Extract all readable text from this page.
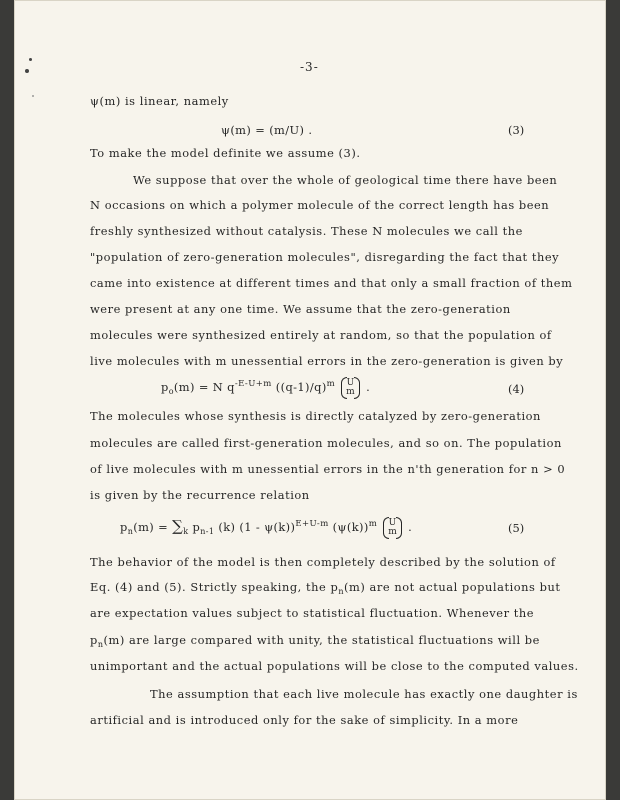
-3-
ψ(m) is linear, namely
ψ(m) = (m/U) .	(3)
To make the model definite we assume (3).
We suppose that over the whole of geological time there have been
N occasions on which a polymer molecule of the correct length has been
freshly synthesized without catalysis. These N molecules we call the
"population of zero-generation molecules", disregarding the fact that they
came into existence at different times and that only a small fraction of them
were present at any one time. We assume that the zero-generation
molecules were synthesized entirely at random, so that the population of
live molecules with m unessential errors in the zero-generation is given by
$p_o(m) = N$ $q^{-E-U+m}$ $((q-1)/q)^m$ U
m .	(4)
The molecules whose synthesis is directly catalyzed by zero-generation
molecules are called first-generation molecules, and so on. The population
of live molecules with m unessential errors in the n'th generation for n > 0
is given by the recurrence relation
$p_n(m) = \sum_k$ $p_{n-1}$ (k) (1 - ψ(k))$^{E+U-m}$ $(\psi(k))^m$ U
m .	(5)
The behavior of the model is then completely described by the solution of
Eq. (4) and (5). Strictly speaking, the $p_n(m)$ are not actual populations but
are expectation values subject to statistical fluctuation. Whenever the
$p_n(m)$ are large compared with unity, the statistical fluctuations will be
unimportant and the actual populations will be close to the computed values.
The assumption that each live molecule has exactly one daughter is
artificial and is introduced only for the sake of simplicity. In a more
